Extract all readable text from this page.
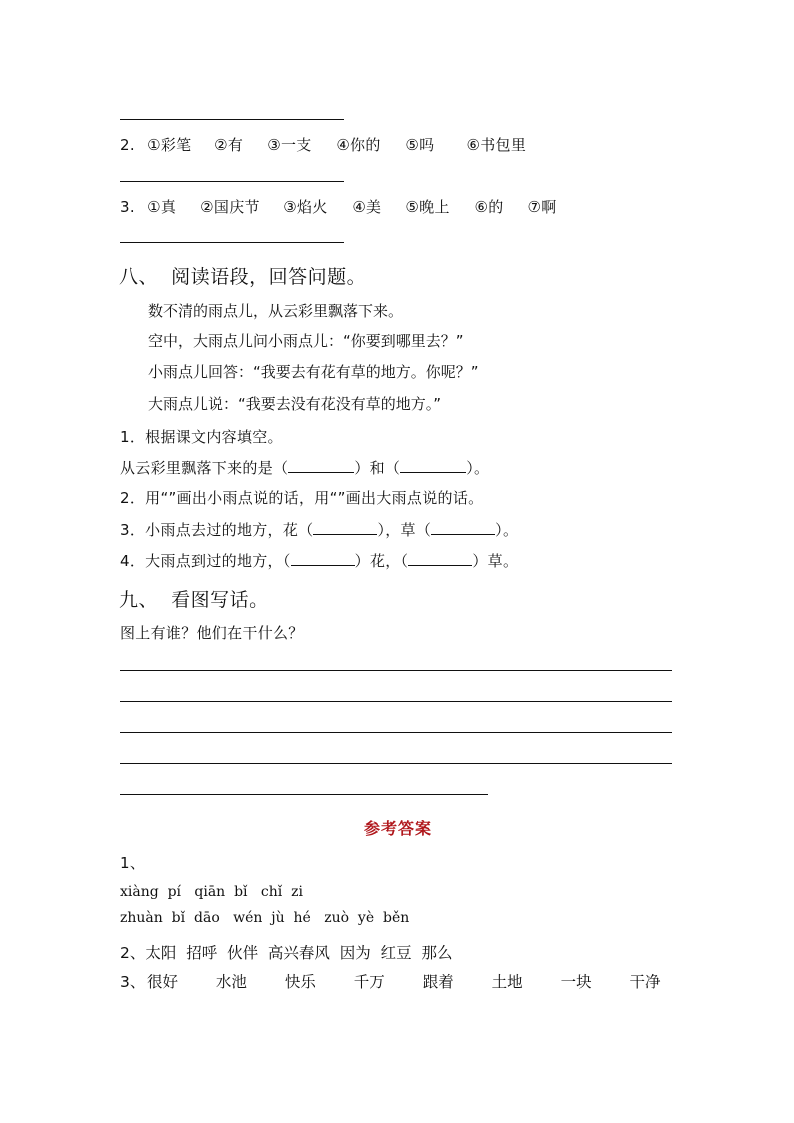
2. ①彩笔 ②有 ③一支 ④你的 ⑤吗 ⑥书包里
3. ①真 ②国庆节 ③焰火 ④美 ⑤晚上 ⑥的 ⑦啊
八、  阅读语段，回答问题。
数不清的雨点儿，从云彩里飘落下来。
空中，大雨点儿问小雨点儿：“你要到哪里去？”
小雨点儿回答：“我要去有花有草的地方。你呢？”
大雨点儿说：“我要去没有花没有草的地方。”
1．根据课文内容填空。
从云彩里飘落下来的是（	）和（	）。
2．用“”画出小雨点说的话，用“”画出大雨点说的话。
3．小雨点去过的地方，花（	），草（	）。
4．大雨点到过的地方，（	）花，（	）草。
九、  看图写话。
图上有谁？他们在干什么？
参考答案
1、
xiàng  pí   qiān  bǐ   chǐ  zi
zhuàn  bǐ  dāo   wén  jù  hé   zuò  yè  běn
2、太阳  招呼  伙伴  高兴春风  因为  红豆  那么
3、 很好 水池 快乐 千万 跟着 土地 一块 干净
